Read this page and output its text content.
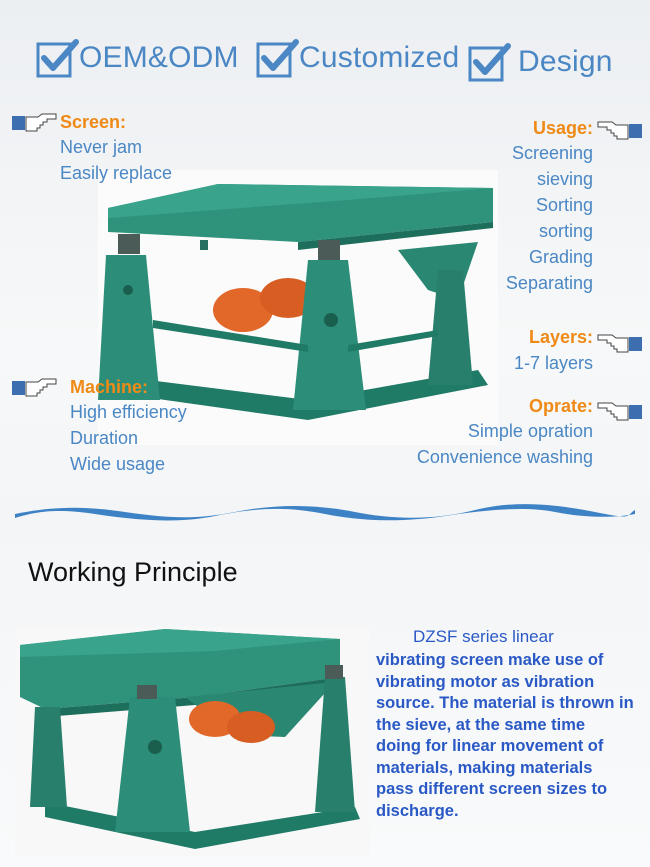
OEM&ODM Customized Design
Screen:
Never jam
Easily replace
Usage:
Screening
sieving
Sorting
sorting
Grading
Separating
Layers:
1-7 layers
Machine:
High efficiency
Duration
Wide usage
Oprate:
Simple opration
Convenience washing
Working Principle
DZSF series linear
vibrating screen make use of vibrating motor as vibration source. The material is thrown in the sieve, at the same time doing for linear movement of materials, making materials pass different screen sizes to discharge.
